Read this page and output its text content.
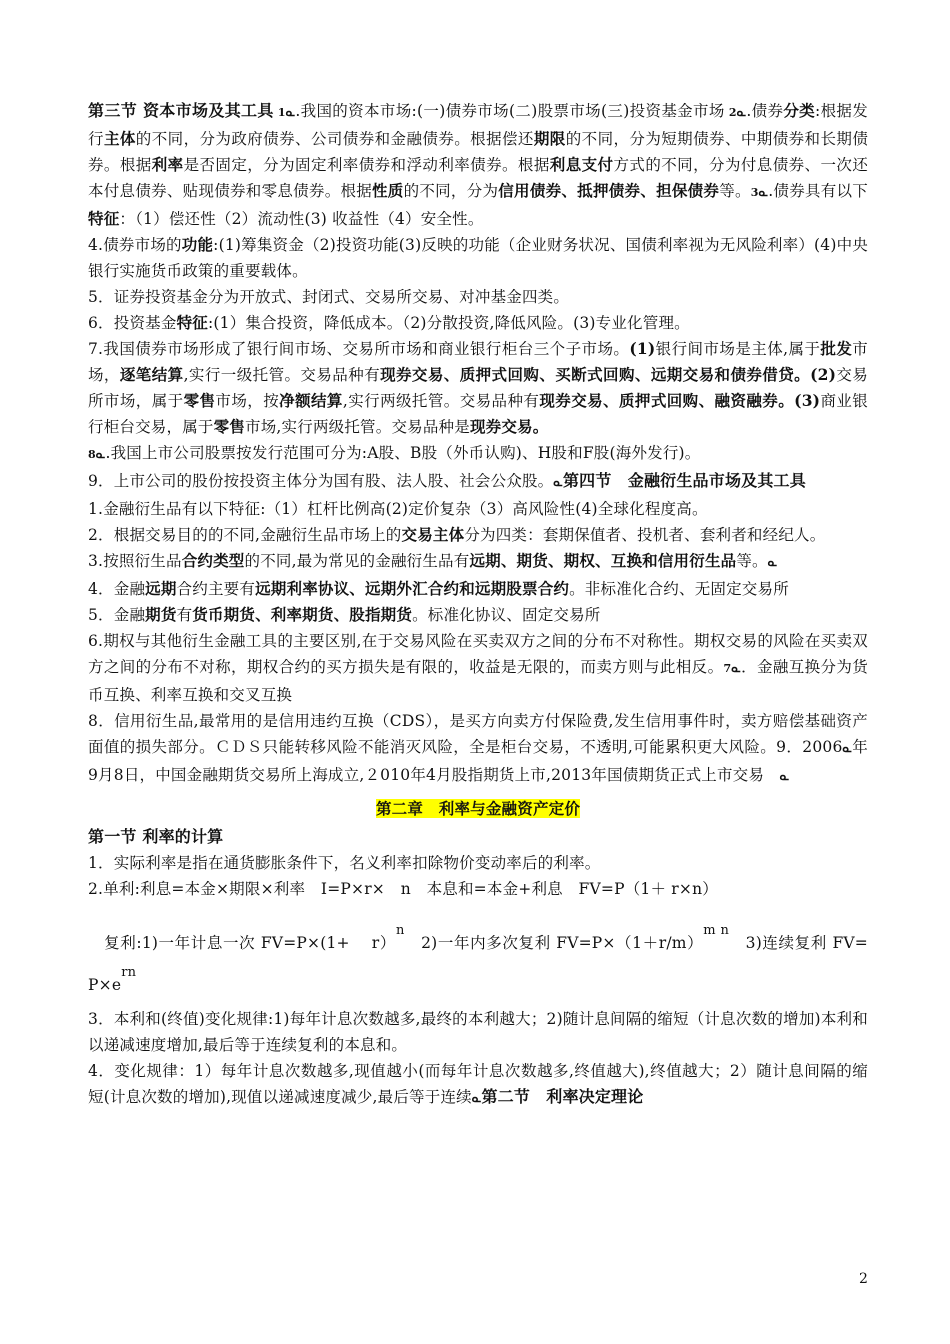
第三节 资本市场及其工具 1ᓇ.我国的资本市场:(一)债券市场(二)股票市场(三)投资基金市场 2ᓇ.债券分类:根据发行主体的不同，分为政府债券、公司债券和金融债券。根据偿还期限的不同，分为短期债券、中期债券和长期债券。根据利率是否固定，分为固定利率债券和浮动利率债券。根据利息支付方式的不同，分为付息债券、一次还本付息债券、贴现债券和零息债券。根据性质的不同，分为信用债券、抵押债券、担保债券等。3ᓇ.债券具有以下特征：（1）偿还性（2）流动性(3) 收益性（4）安全性。

4.债券市场的功能:(1)筹集资金（2)投资功能(3)反映的功能（企业财务状况、国债利率视为无风险利率）(4)中央银行实施货币政策的重要载体。

5．证券投资基金分为开放式、封闭式、交易所交易、对冲基金四类。

6．投资基金特征:(1）集合投资，降低成本。（2)分散投资,降低风险。(3)专业化管理。

7.我国债券市场形成了银行间市场、交易所市场和商业银行柜台三个子市场。(1)银行间市场是主体,属于批发市场，逐笔结算,实行一级托管。交易品种有现券交易、质押式回购、买断式回购、远期交易和债券借贷。(2)交易所市场，属于零售市场，按净额结算,实行两级托管。交易品种有现券交易、质押式回购、融资融券。(3)商业银行柜台交易，属于零售市场,实行两级托管。交易品种是现券交易。

8ᓇ.我国上市公司股票按发行范围可分为:A股、B股（外币认购)、H股和F股(海外发行)。

9．上市公司的股份按投资主体分为国有股、法人股、社会公众股。ᓇ第四节　金融衍生品市场及其工具

1.金融衍生品有以下特征:（1）杠杆比例高(2)定价复杂（3）高风险性(4)全球化程度高。

2．根据交易目的的不同,金融衍生品市场上的交易主体分为四类：套期保值者、投机者、套利者和经纪人。

3.按照衍生品合约类型的不同,最为常见的金融衍生品有远期、期货、期权、互换和信用衍生品等。ᓇ

4．金融远期合约主要有远期利率协议、远期外汇合约和远期股票合约。非标准化合约、无固定交易所

5．金融期货有货币期货、利率期货、股指期货。标准化协议、固定交易所

6.期权与其他衍生金融工具的主要区别,在于交易风险在买卖双方之间的分布不对称性。期权交易的风险在买卖双方之间的分布不对称，期权合约的买方损失是有限的，收益是无限的，而卖方则与此相反。7ᓇ．金融互换分为货币互换、利率互换和交叉互换

8．信用衍生品,最常用的是信用违约互换（CDS），是买方向卖方付保险费,发生信用事件时，卖方赔偿基础资产面值的损失部分。ＣＤＳ只能转移风险不能消灭风险，全是柜台交易，不透明,可能累积更大风险。9．2006ᓇ年9月8日，中国金融期货交易所上海成立,２010年4月股指期货上市,2013年国债期货正式上市交易　 ᓇ

第二章　利率与金融资产定价

第一节 利率的计算

1．实际利率是指在通货膨胀条件下，名义利率扣除物价变动率后的利率。

2.单利:利息=本金×期限×利率　I=P×r×　n　本息和=本金+利息　FV=P（1＋ r×n）

　复利:1)一年计息一次 FV=P×(1+　 r）$^n$　2)一年内多次复利 $FV=P\times(1+r/m)^{m n}$　3)连续复利 FV=　 $P\times e^{rn}$

3．本利和(终值)变化规律:1)每年计息次数越多,最终的本利越大；2)随计息间隔的缩短（计息次数的增加)本利和以递减速度增加,最后等于连续复利的本息和。

4．变化规律：1）每年计息次数越多,现值越小(而每年计息次数越多,终值越大),终值越大；2）随计息间隔的缩短(计息次数的增加),现值以递减速度减少,最后等于连续ᓇ第二节　利率决定理论

2
